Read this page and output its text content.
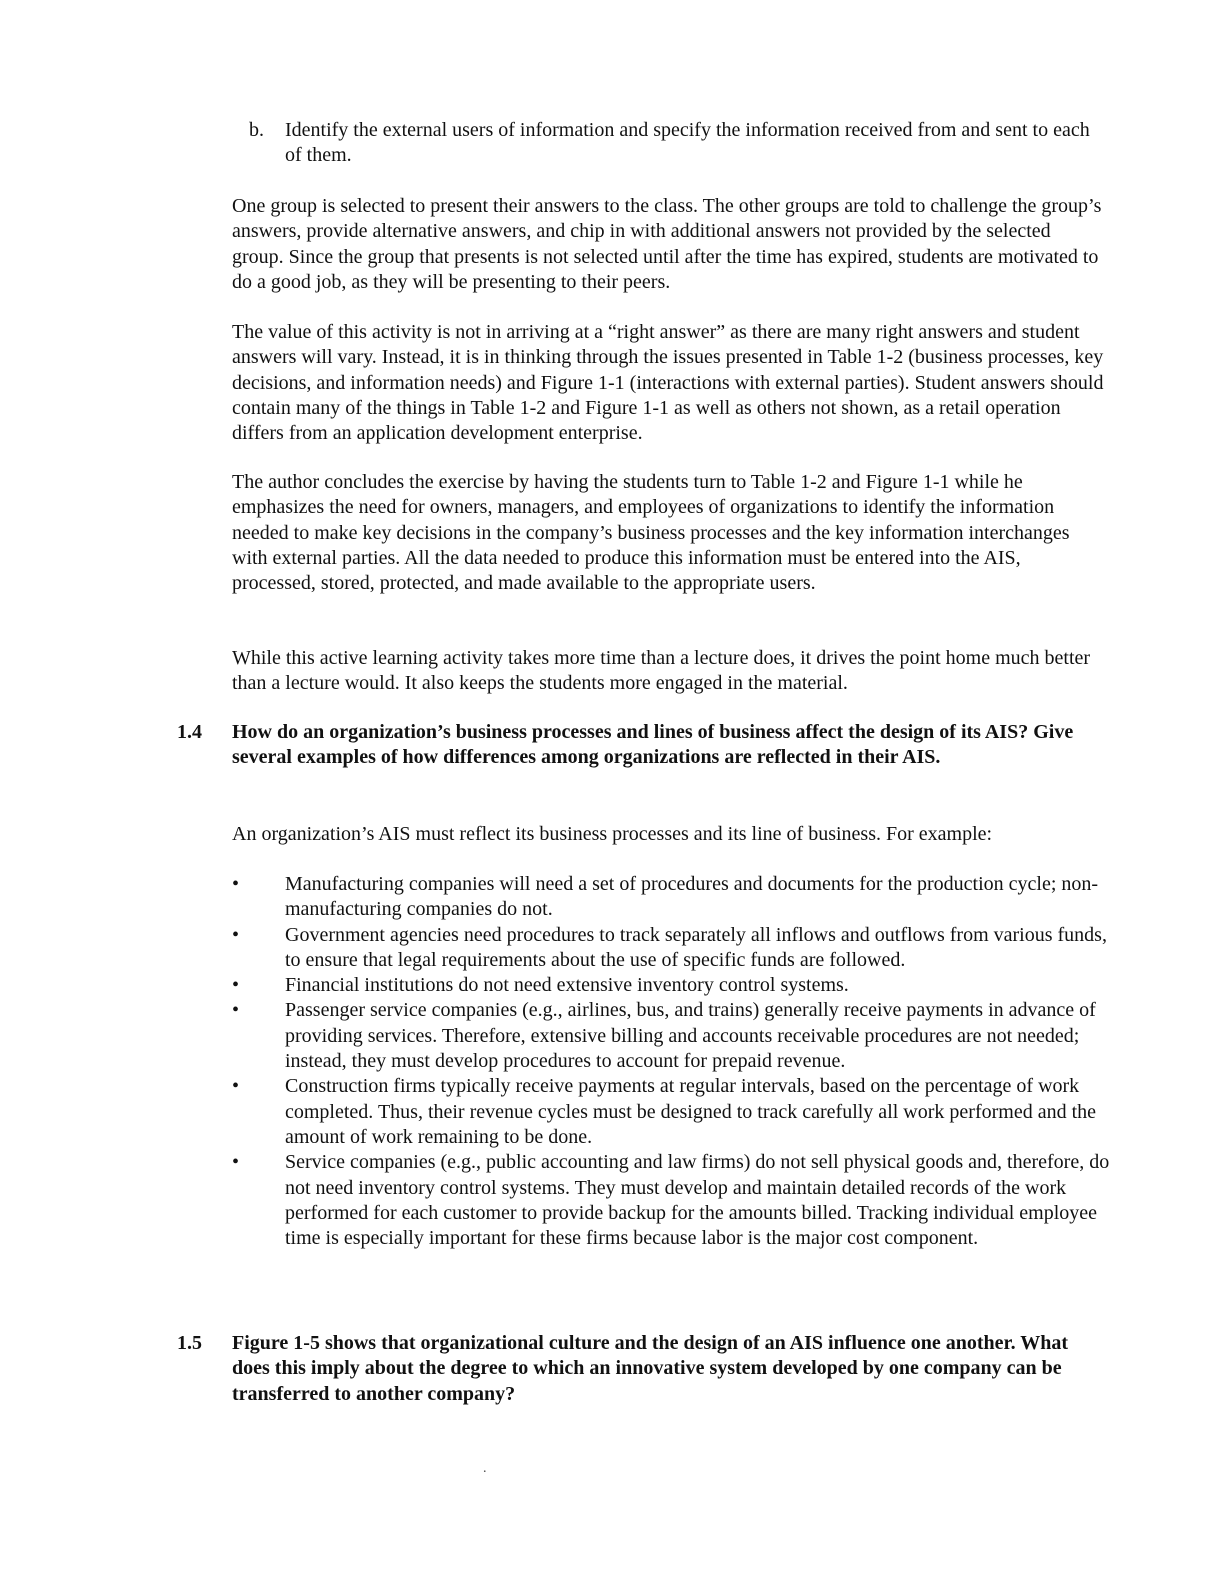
b. Identify the external users of information and specify the information received from and sent to each of them.

One group is selected to present their answers to the class. The other groups are told to challenge the group’s answers, provide alternative answers, and chip in with additional answers not provided by the selected group. Since the group that presents is not selected until after the time has expired, students are motivated to do a good job, as they will be presenting to their peers.

The value of this activity is not in arriving at a “right answer” as there are many right answers and student answers will vary. Instead, it is in thinking through the issues presented in Table 1-2 (business processes, key decisions, and information needs) and Figure 1-1 (interactions with external parties). Student answers should contain many of the things in Table 1-2 and Figure 1-1 as well as others not shown, as a retail operation differs from an application development enterprise.

The author concludes the exercise by having the students turn to Table 1-2 and Figure 1-1 while he emphasizes the need for owners, managers, and employees of organizations to identify the information needed to make key decisions in the company’s business processes and the key information interchanges with external parties. All the data needed to produce this information must be entered into the AIS, processed, stored, protected, and made available to the appropriate users.

While this active learning activity takes more time than a lecture does, it drives the point home much better than a lecture would. It also keeps the students more engaged in the material.

1.4 How do an organization’s business processes and lines of business affect the design of its AIS? Give several examples of how differences among organizations are reflected in their AIS.

An organization’s AIS must reflect its business processes and its line of business. For example:

• Manufacturing companies will need a set of procedures and documents for the production cycle; non-manufacturing companies do not.
• Government agencies need procedures to track separately all inflows and outflows from various funds, to ensure that legal requirements about the use of specific funds are followed.
• Financial institutions do not need extensive inventory control systems.
• Passenger service companies (e.g., airlines, bus, and trains) generally receive payments in advance of providing services. Therefore, extensive billing and accounts receivable procedures are not needed; instead, they must develop procedures to account for prepaid revenue.
• Construction firms typically receive payments at regular intervals, based on the percentage of work completed. Thus, their revenue cycles must be designed to track carefully all work performed and the amount of work remaining to be done.
• Service companies (e.g., public accounting and law firms) do not sell physical goods and, therefore, do not need inventory control systems. They must develop and maintain detailed records of the work performed for each customer to provide backup for the amounts billed. Tracking individual employee time is especially important for these firms because labor is the major cost component.
1.5 Figure 1-5 shows that organizational culture and the design of an AIS influence one another. What does this imply about the degree to which an innovative system developed by one company can be transferred to another company?
.
